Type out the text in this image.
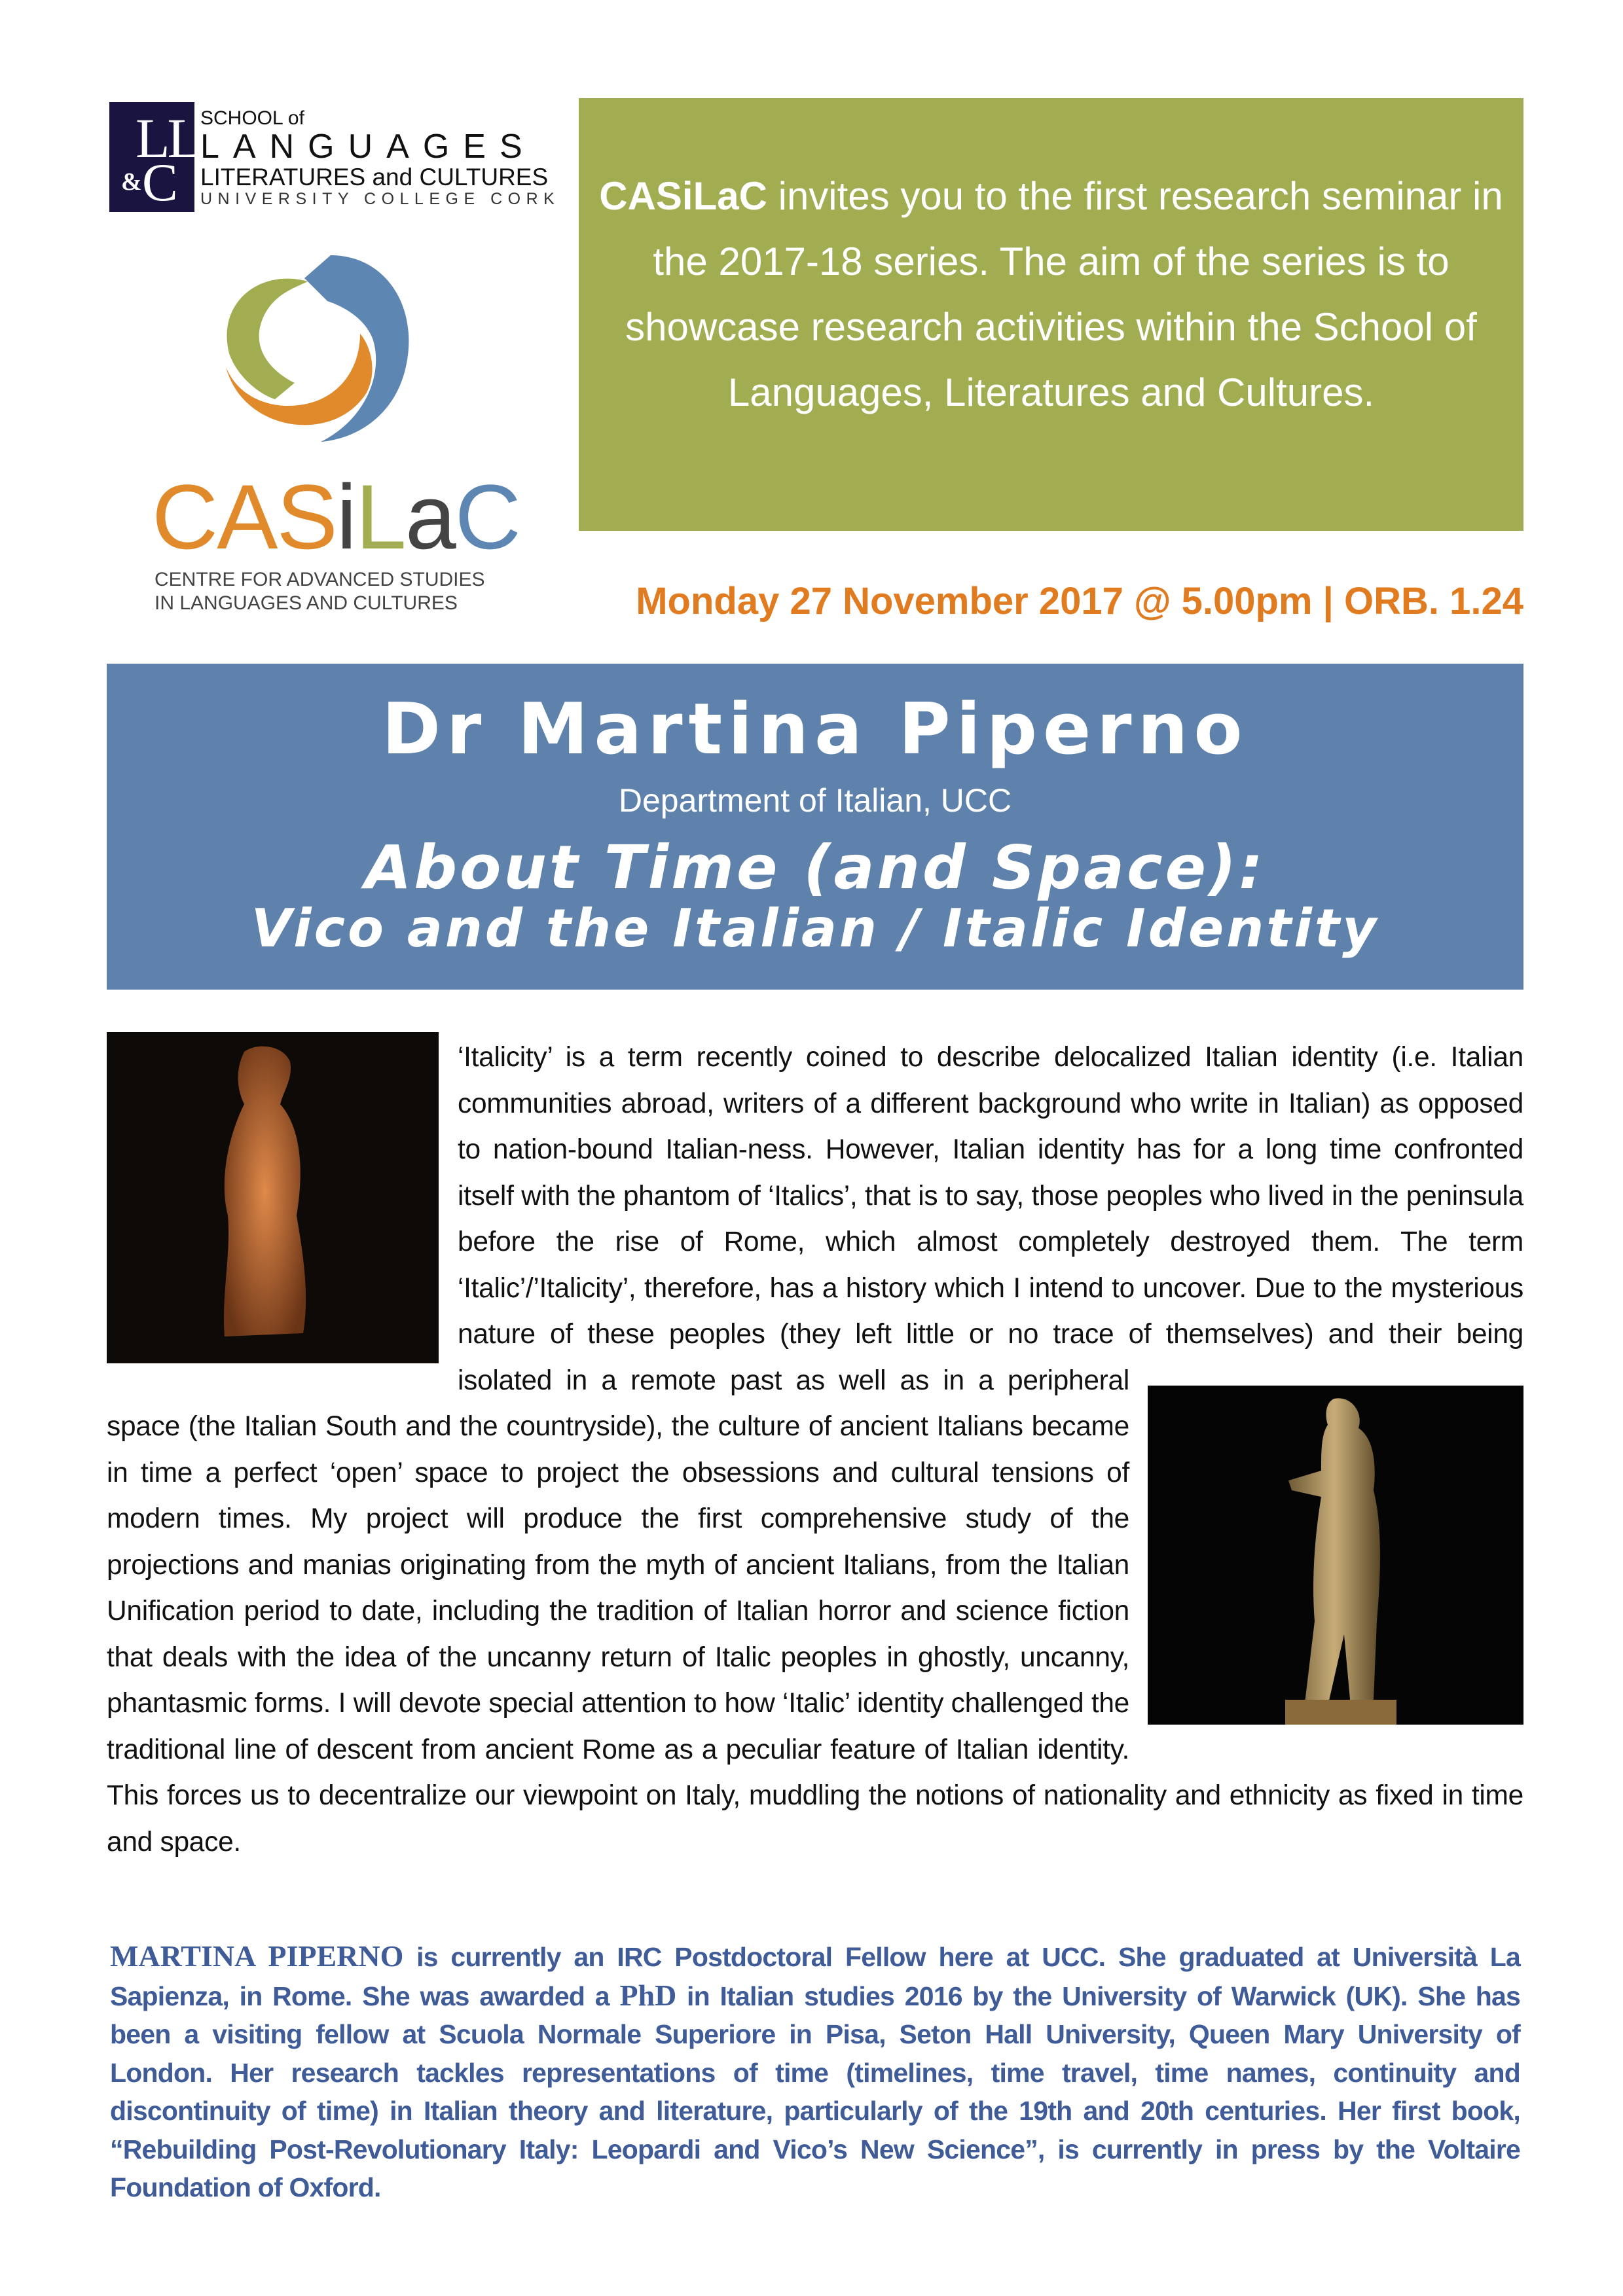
LL
& C
SCHOOL of
LANGUAGES
LITERATURES and CULTURES
UNIVERSITY COLLEGE CORK
CASiLaC
CENTRE FOR ADVANCED STUDIES
IN LANGUAGES AND CULTURES
CASiLaC invites you to the first research seminar in the 2017-18 series. The aim of the series is to showcase research activities within the School of Languages, Literatures and Cultures.
Monday 27 November 2017 @ 5.00pm | ORB. 1.24
Dr Martina Piperno
Department of Italian, UCC
About Time (and Space):
Vico and the Italian / Italic Identity

‘Italicity’ is a term recently coined to describe delocalized Italian identity (i.e. Italian communities abroad, writers of a different background who write in Italian) as opposed to nation-bound Italian-ness. However, Italian identity has for a long time confronted itself with the phantom of ‘Italics’, that is to say, those peoples who lived in the peninsula before the rise of Rome, which almost completely destroyed them. The term ‘Italic’/’Italicity’, therefore, has a history which I intend to uncover. Due to the mysterious nature of these peoples (they left little or no trace of themselves) and their being isolated in a remote past as well as in a peripheral space (the Italian South and the countryside), the culture of ancient Italians became in time a perfect ‘open’ space to project the obsessions and cultural tensions of modern times. My project will produce the first comprehensive study of the projections and manias originating from the myth of ancient Italians, from the Italian Unification period to date, including the tradition of Italian horror and science fiction that deals with the idea of the uncanny return of Italic peoples in ghostly, uncanny, phantasmic forms. I will devote special attention to how ‘Italic’ identity challenged the traditional line of descent from ancient Rome as a peculiar feature of Italian identity. This forces us to decentralize our viewpoint on Italy, muddling the notions of nationality and ethnicity as fixed in time and space.

MARTINA PIPERNO is currently an IRC Postdoctoral Fellow here at UCC. She graduated at Università La Sapienza, in Rome. She was awarded a PhD in Italian studies 2016 by the University of Warwick (UK). She has been a visiting fellow at Scuola Normale Superiore in Pisa, Seton Hall University, Queen Mary University of London. Her research tackles representations of time (timelines, time travel, time names, continuity and discontinuity of time) in Italian theory and literature, particularly of the 19th and 20th centuries. Her first book, “Rebuilding Post-Revolutionary Italy: Leopardi and Vico’s New Science”, is currently in press by the Voltaire Foundation of Oxford.
